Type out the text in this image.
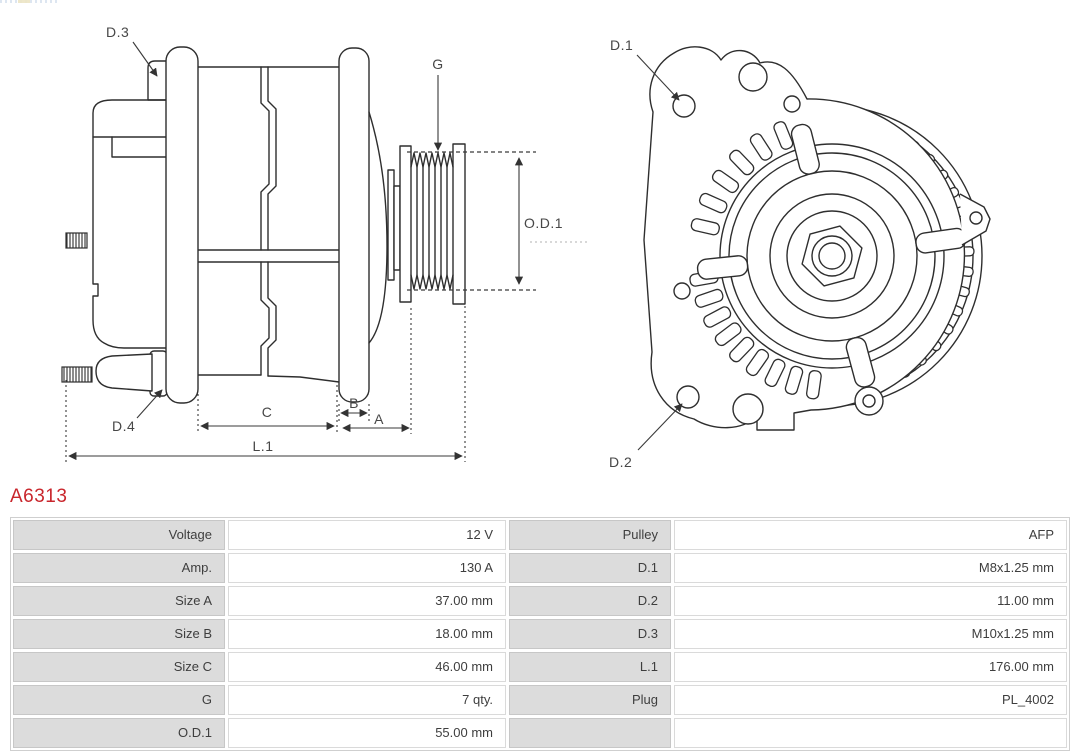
D.3
G
O.D.1
D.4
C
B
A
L.1
D.1
D.2
A6313
Voltage	12 V	Pulley	AFP
Amp.	130 A	D.1	M8x1.25 mm
Size A	37.00 mm	D.2	11.00 mm
Size B	18.00 mm	D.3	M10x1.25 mm
Size C	46.00 mm	L.1	176.00 mm
G	7 qty.	Plug	PL_4002
O.D.1	55.00 mm
